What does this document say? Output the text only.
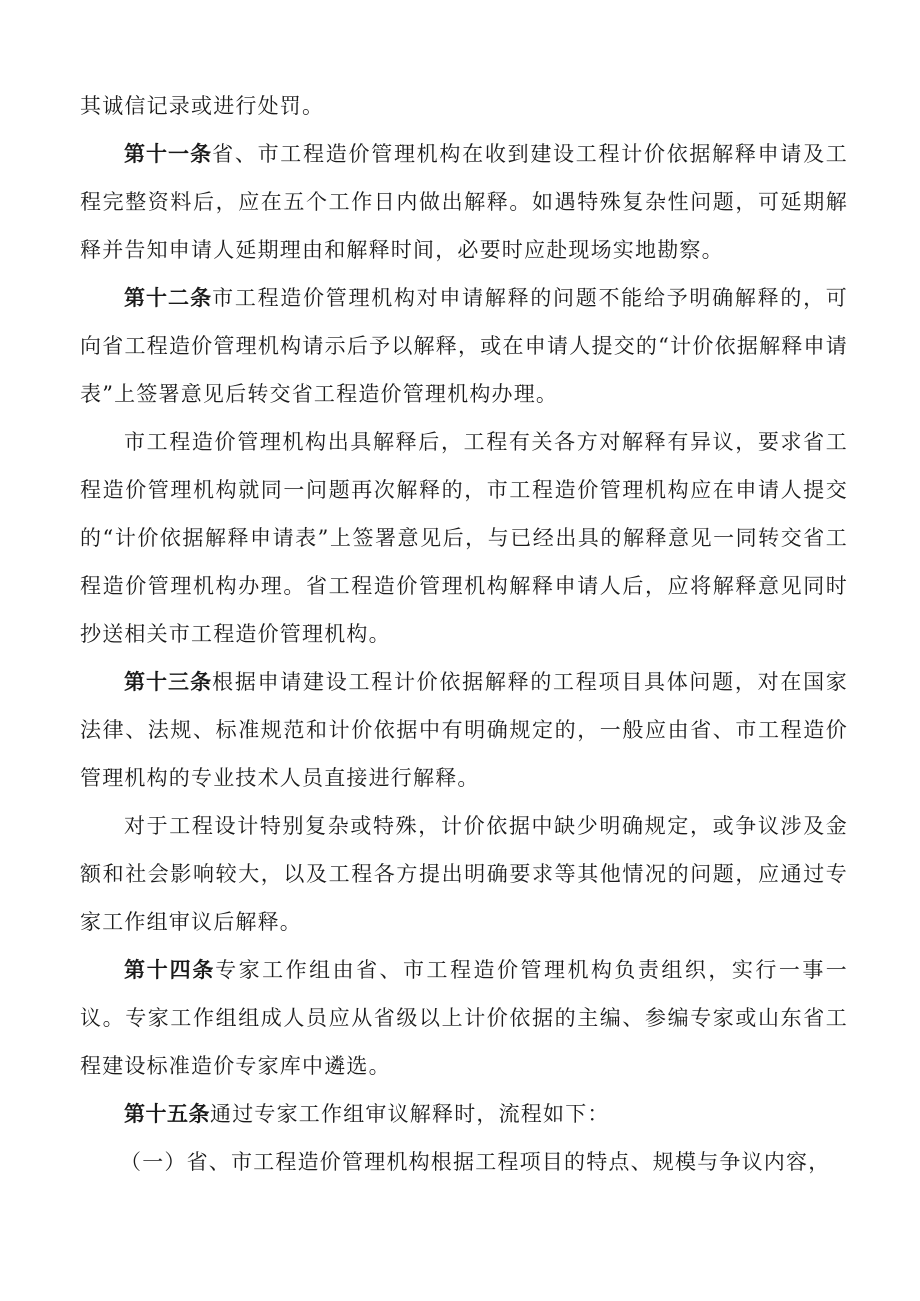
其诚信记录或进行处罚。

第十一条省、市工程造价管理机构在收到建设工程计价依据解释申请及工程完整资料后，应在五个工作日内做出解释。如遇特殊复杂性问题，可延期解释并告知申请人延期理由和解释时间，必要时应赴现场实地勘察。

第十二条市工程造价管理机构对申请解释的问题不能给予明确解释的，可向省工程造价管理机构请示后予以解释，或在申请人提交的“计价依据解释申请表”上签署意见后转交省工程造价管理机构办理。

市工程造价管理机构出具解释后，工程有关各方对解释有异议，要求省工程造价管理机构就同一问题再次解释的，市工程造价管理机构应在申请人提交的“计价依据解释申请表”上签署意见后，与已经出具的解释意见一同转交省工程造价管理机构办理。省工程造价管理机构解释申请人后，应将解释意见同时抄送相关市工程造价管理机构。

第十三条根据申请建设工程计价依据解释的工程项目具体问题，对在国家法律、法规、标准规范和计价依据中有明确规定的，一般应由省、市工程造价管理机构的专业技术人员直接进行解释。

对于工程设计特别复杂或特殊，计价依据中缺少明确规定，或争议涉及金额和社会影响较大，以及工程各方提出明确要求等其他情况的问题，应通过专家工作组审议后解释。

第十四条专家工作组由省、市工程造价管理机构负责组织，实行一事一议。专家工作组组成人员应从省级以上计价依据的主编、参编专家或山东省工程建设标准造价专家库中遴选。

第十五条通过专家工作组审议解释时，流程如下：

（一）省、市工程造价管理机构根据工程项目的特点、规模与争议内容，
